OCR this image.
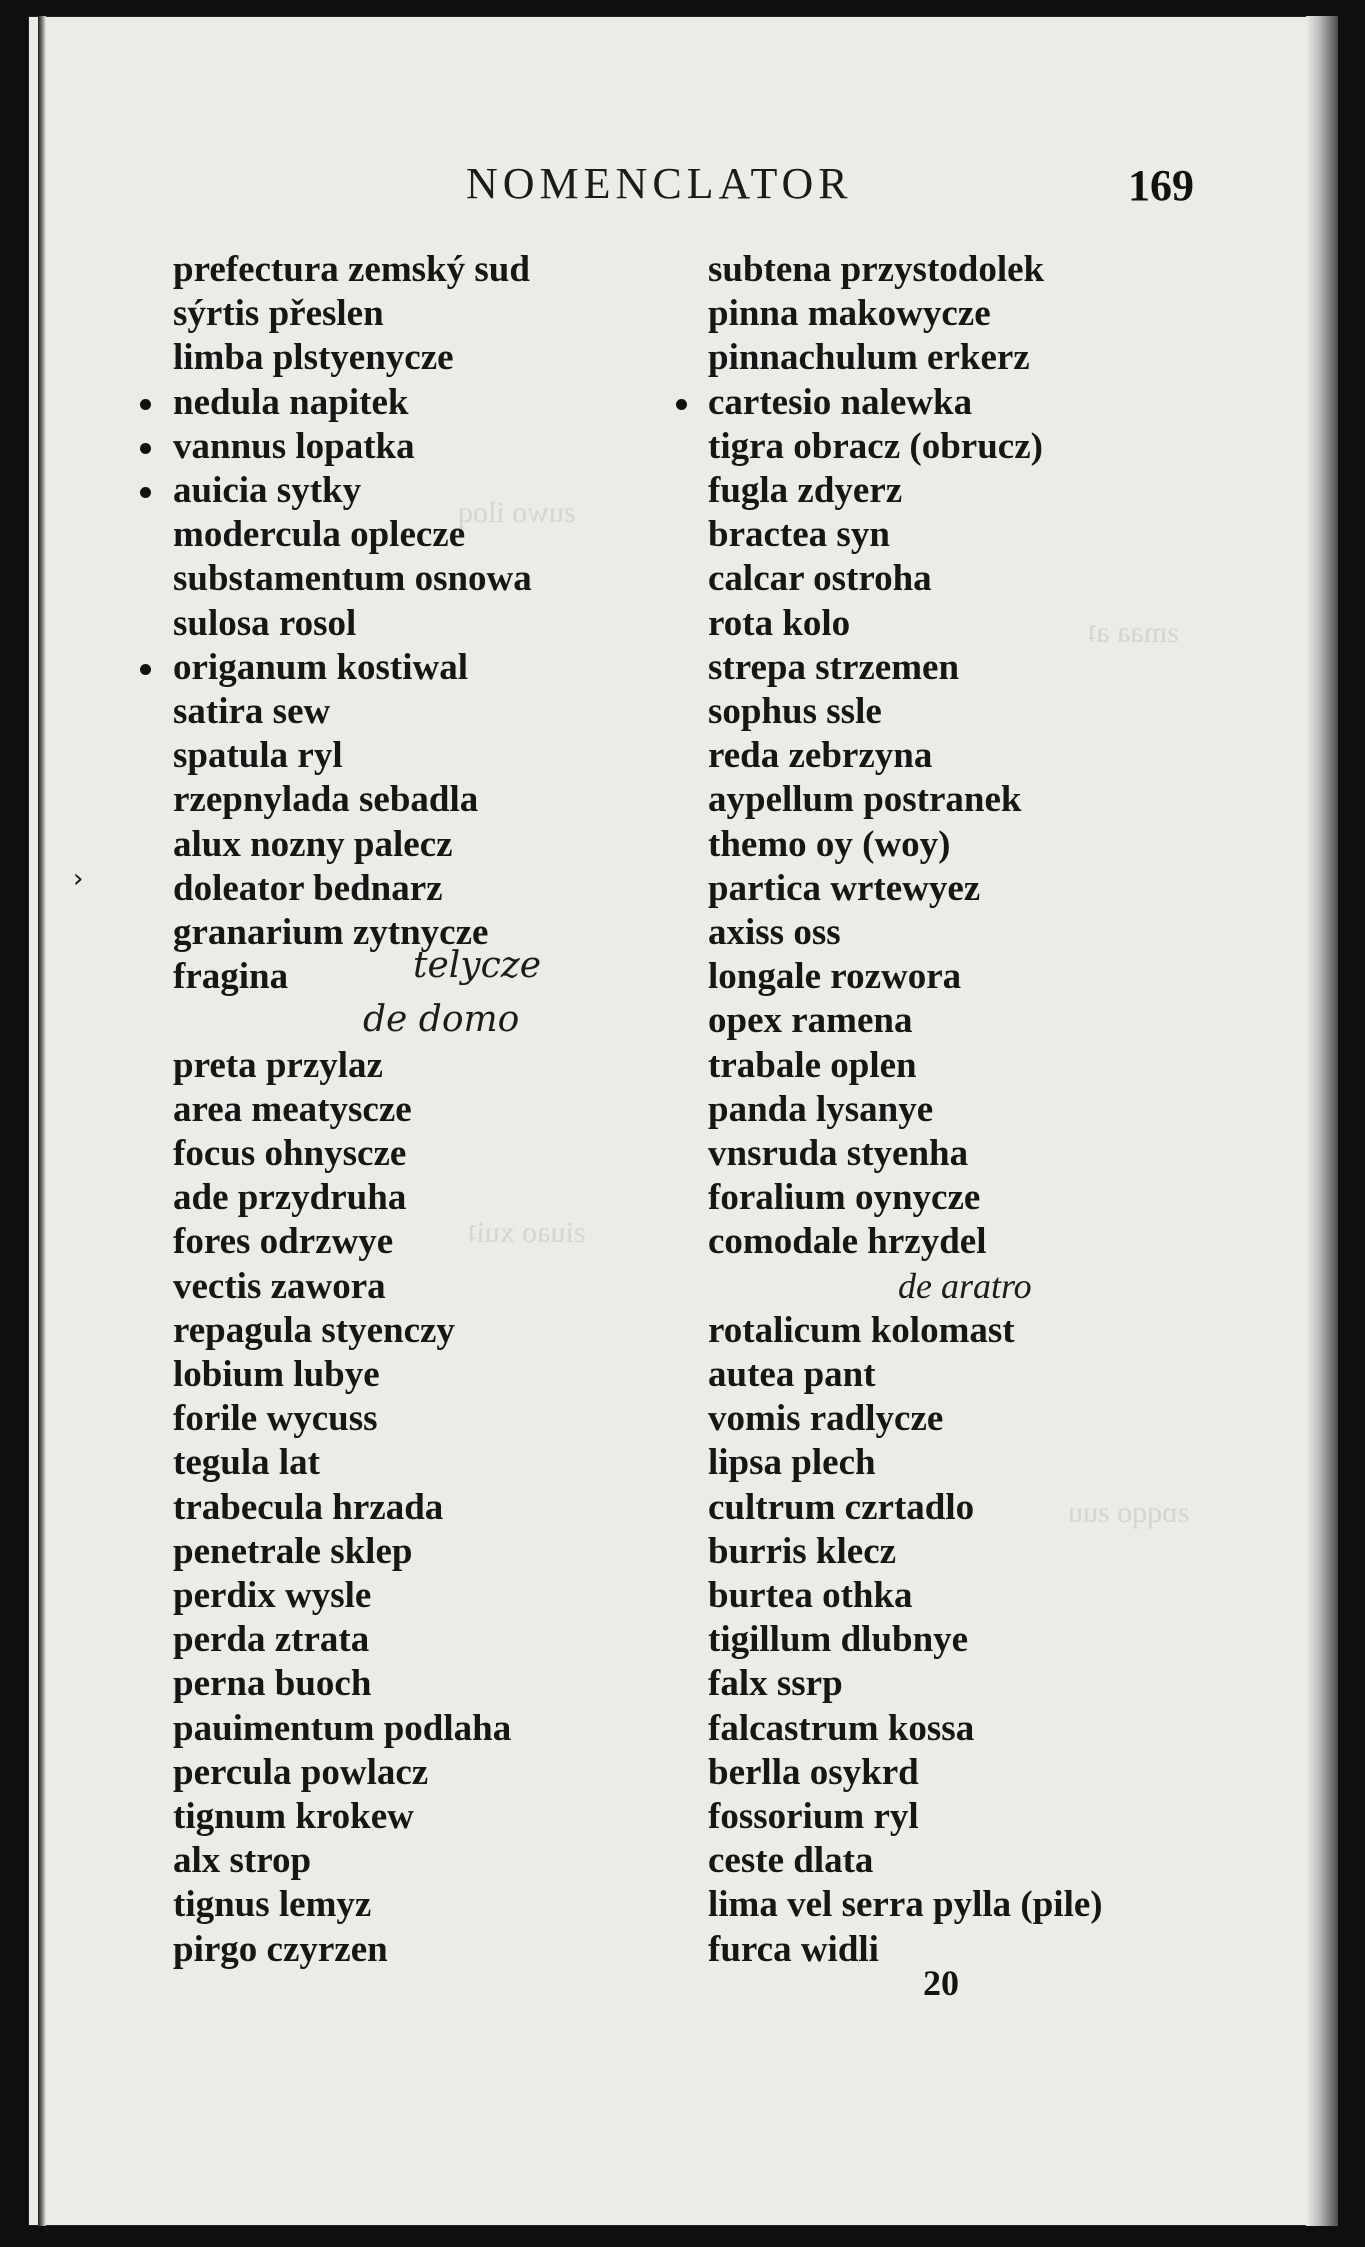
ƨuwo iloq
ƨmaa aʇ
ƨiuao xuiʇ
ƨɒqqo ƨuu
NOMENCLATOR	169
prefectura zemský sud
sýrtis přeslen
limba plstyenycze
nedula napitek
vannus lopatka
auicia sytky
modercula oplecze
substamentum osnowa
sulosa rosol
origanum kostiwal
satira sew
spatula ryl
rzepnylada sebadla
alux nozny palecz
doleator bednarz
granarium zytnycze
fragina
preta przylaz
area meatyscze
focus ohnyscze
ade przydruha
fores odrzwye
vectis zawora
repagula styenczy
lobium lubye
forile wycuss
tegula lat
trabecula hrzada
penetrale sklep
perdix wysle
perda ztrata
perna buoch
pauimentum podlaha
percula powlacz
tignum krokew
alx strop
tignus lemyz
pirgo czyrzen
telycze
de domo
subtena przystodolek
pinna makowycze
pinnachulum erkerz
cartesio nalewka
tigra obracz (obrucz)
fugla zdyerz
bractea syn
calcar ostroha
rota kolo
strepa strzemen
sophus ssle
reda zebrzyna
aypellum postranek
themo oy (woy)
partica wrtewyez
axiss oss
longale rozwora
opex ramena
trabale oplen
panda lysanye
vnsruda styenha
foralium oynycze
comodale hrzydel
de aratro
rotalicum kolomast
autea pant
vomis radlycze
lipsa plech
cultrum czrtadlo
burris klecz
burtea othka
tigillum dlubnye
falx ssrp
falcastrum kossa
berlla osykrd
fossorium ryl
ceste dlata
lima vel serra pylla (pile)
furca widli
20
›
